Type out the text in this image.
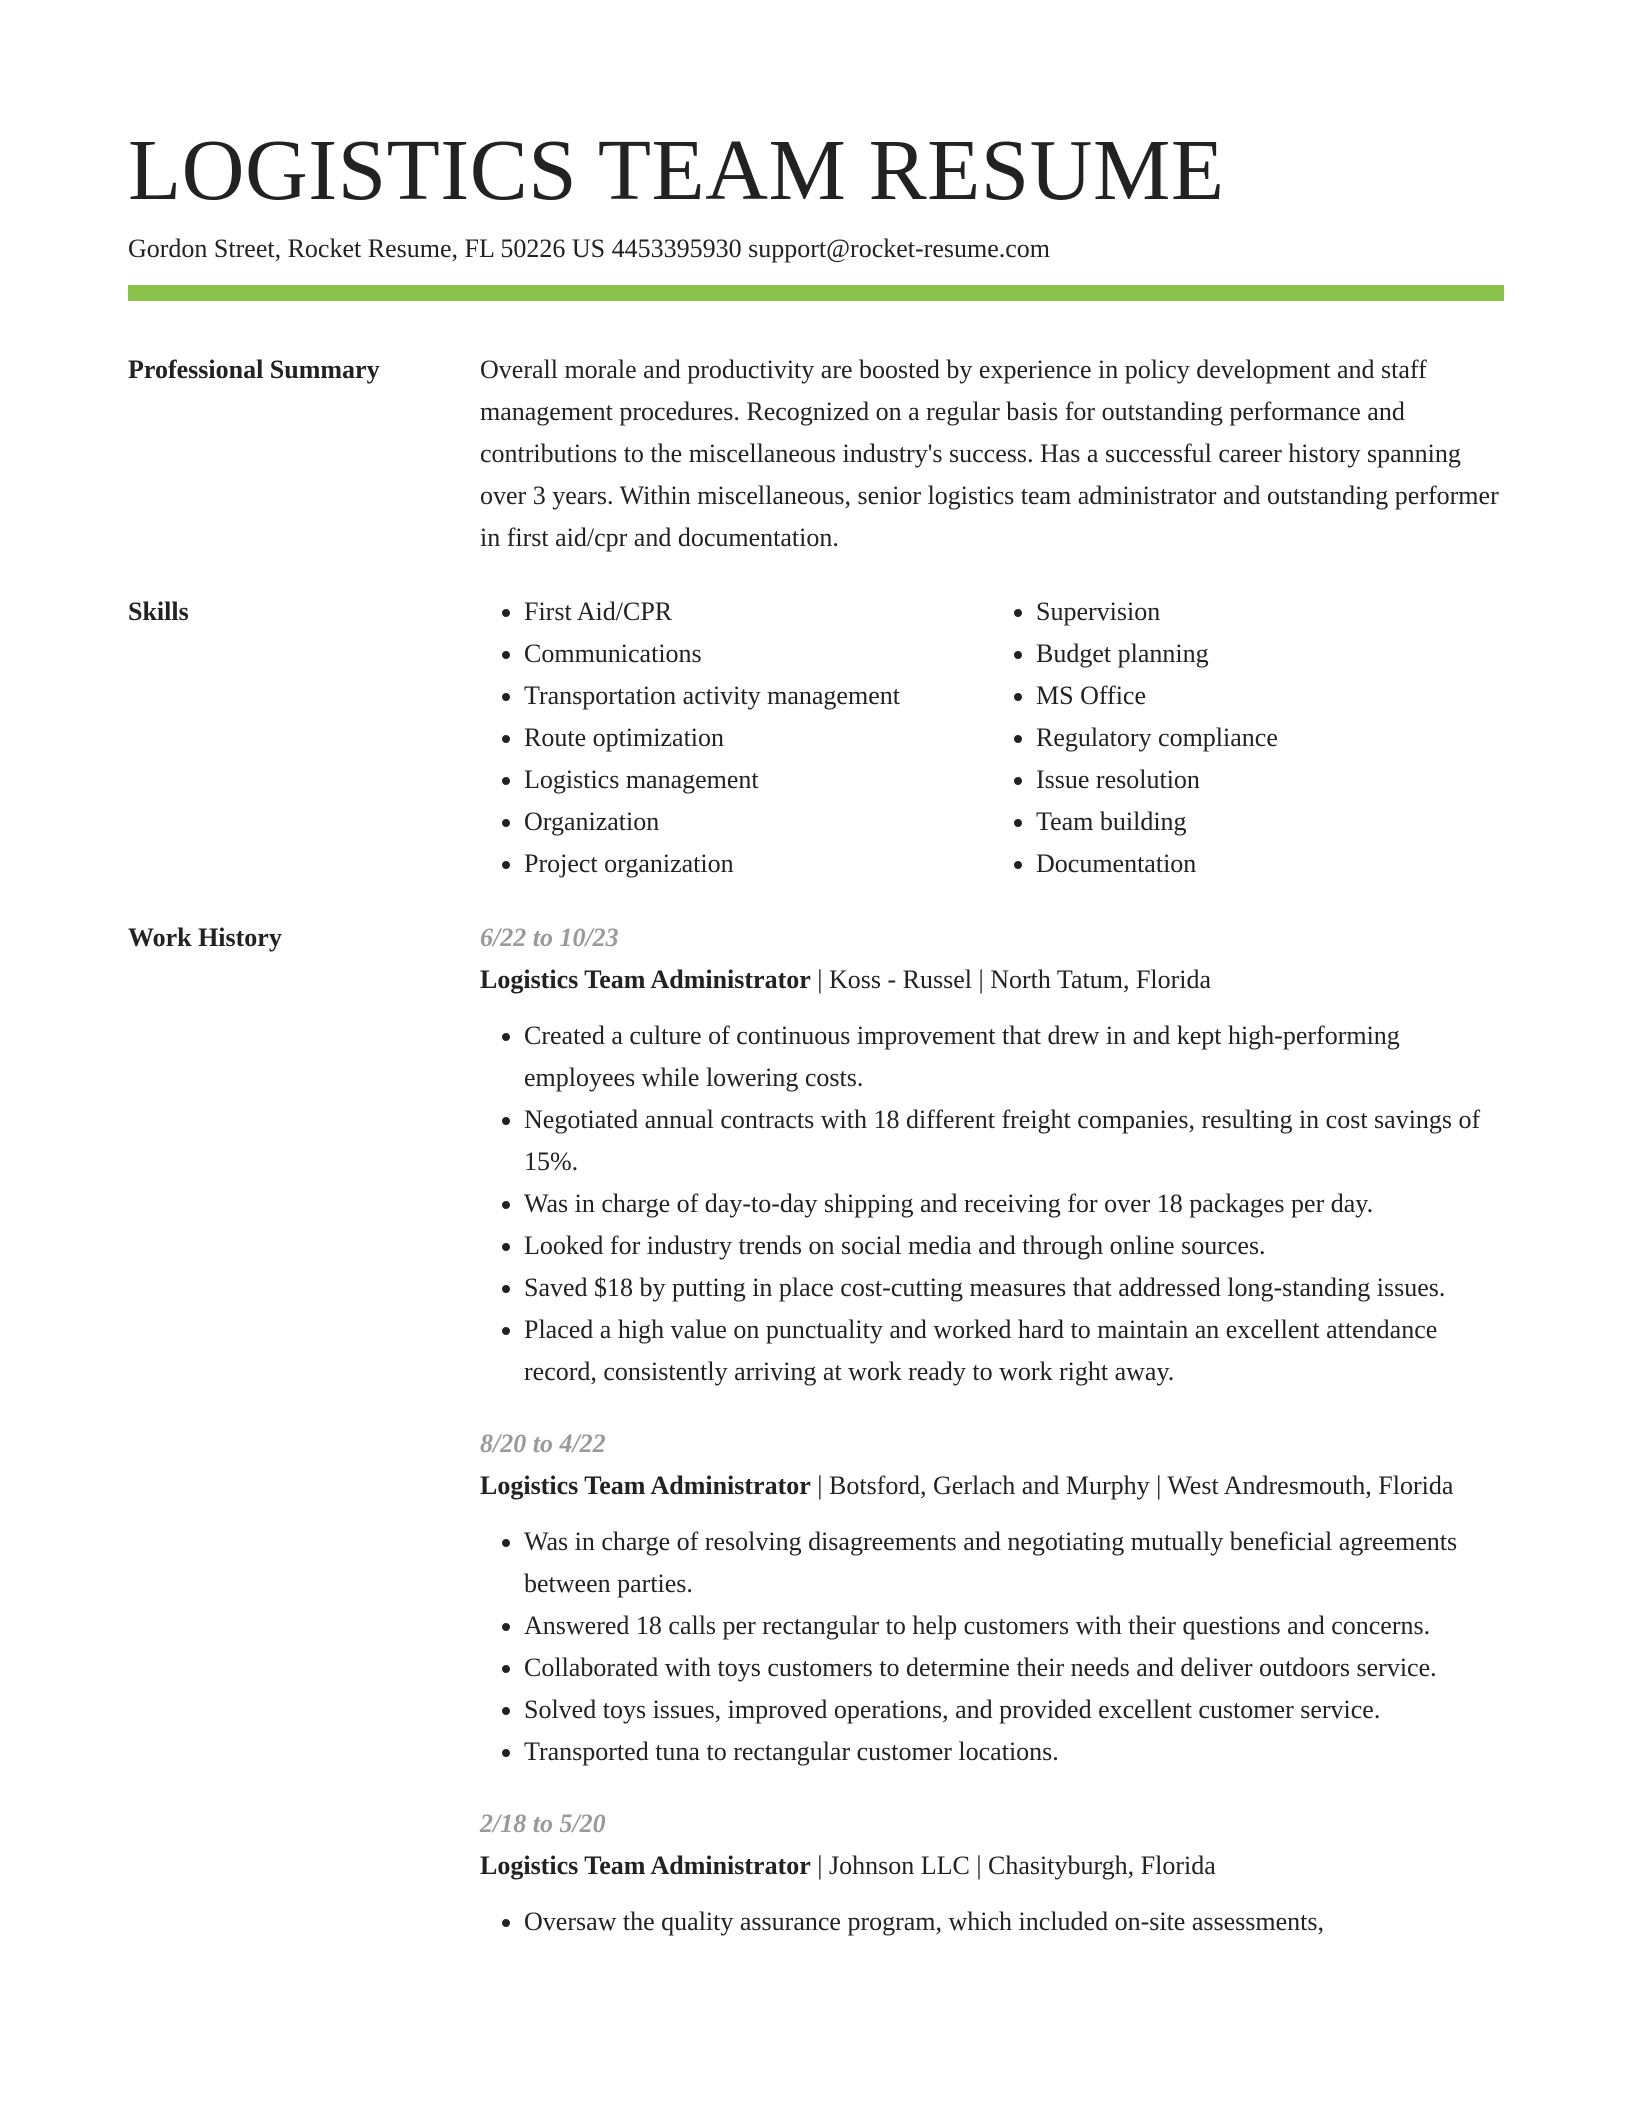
LOGISTICS TEAM RESUME
Gordon Street, Rocket Resume, FL 50226 US 4453395930 support@rocket-resume.com
Professional Summary	Overall morale and productivity are boosted by experience in policy development and staff management procedures. Recognized on a regular basis for outstanding performance and contributions to the miscellaneous industry's success. Has a successful career history spanning over 3 years. Within miscellaneous, senior logistics team administrator and outstanding performer in first aid/cpr and documentation.

Skills
•	First Aid/CPR
• Communications
• Transportation activity management
• Route optimization
• Logistics management
• Organization
• Project organization
• Supervision
• Budget planning
• MS Office
• Regulatory compliance
• Issue resolution
• Team building
• Documentation
Work History	6/22 to 10/23
Logistics Team Administrator | Koss - Russel | North Tatum, Florida
• Created a culture of continuous improvement that drew in and kept high-performing employees while lowering costs.
• Negotiated annual contracts with 18 different freight companies, resulting in cost savings of 15%.
• Was in charge of day-to-day shipping and receiving for over 18 packages per day.
• Looked for industry trends on social media and through online sources.
• Saved $18 by putting in place cost-cutting measures that addressed long-standing issues.
• Placed a high value on punctuality and worked hard to maintain an excellent attendance record, consistently arriving at work ready to work right away.
8/20 to 4/22
Logistics Team Administrator | Botsford, Gerlach and Murphy | West Andresmouth, Florida
• Was in charge of resolving disagreements and negotiating mutually beneficial agreements between parties.
• Answered 18 calls per rectangular to help customers with their questions and concerns.
• Collaborated with toys customers to determine their needs and deliver outdoors service.
• Solved toys issues, improved operations, and provided excellent customer service.
• Transported tuna to rectangular customer locations.
2/18 to 5/20
Logistics Team Administrator | Johnson LLC | Chasityburgh, Florida
• Oversaw the quality assurance program, which included on-site assessments,
